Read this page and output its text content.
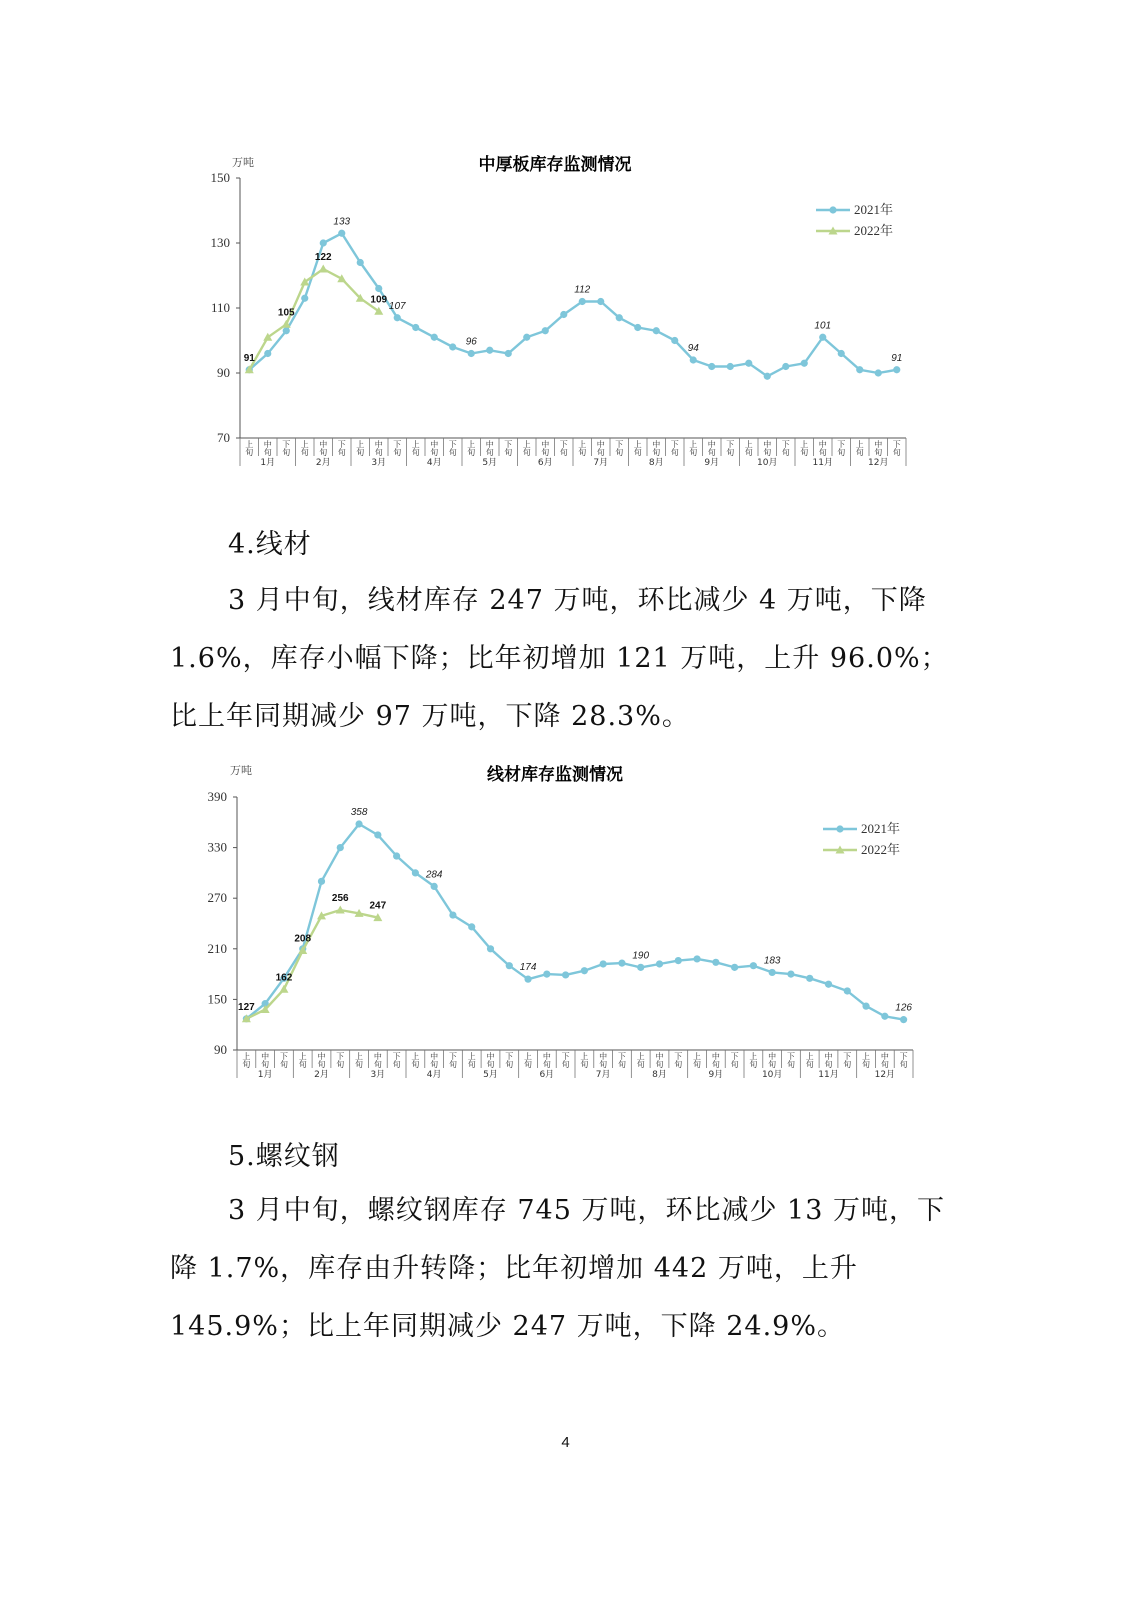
中厚板库存监测情况
万吨
70
90
110
130
150
上旬
中旬
下旬
上旬
中旬
下旬
上旬
中旬
下旬
上旬
中旬
下旬
上旬
中旬
下旬
上旬
中旬
下旬
上旬
中旬
下旬
上旬
中旬
下旬
上旬
中旬
下旬
上旬
中旬
下旬
上旬
中旬
下旬
上旬
中旬
下旬
1月	2月	3月	4月	5月	6月	7月	8月	9月	10月	11月	12月
133
107
96
112
94
101
91
2021年
91
105
122
109
2022年
4.线材

3 月中旬，线材库存 247 万吨，环比减少 4 万吨，下降 1.6%，库存小幅下降；比年初增加 121 万吨，上升 96.0%；比上年同期减少 97 万吨，下降 28.3%。

线材库存监测情况
万吨
90
150
210
270
330
390
上旬
中旬
下旬
上旬
中旬
下旬
上旬
中旬
下旬
上旬
中旬
下旬
上旬
中旬
下旬
上旬
中旬
下旬
上旬
中旬
下旬
上旬
中旬
下旬
上旬
中旬
下旬
上旬
中旬
下旬
上旬
中旬
下旬
上旬
中旬
下旬
1月	2月	3月	4月	5月	6月	7月	8月	9月	10月	11月	12月
358
284
174
190	183
126
2021年
127
162
208
256
247
2022年
5.螺纹钢

3 月中旬，螺纹钢库存 745 万吨，环比减少 13 万吨，下降 1.7%，库存由升转降；比年初增加 442 万吨，上升 145.9%；比上年同期减少 247 万吨，下降 24.9%。

4
